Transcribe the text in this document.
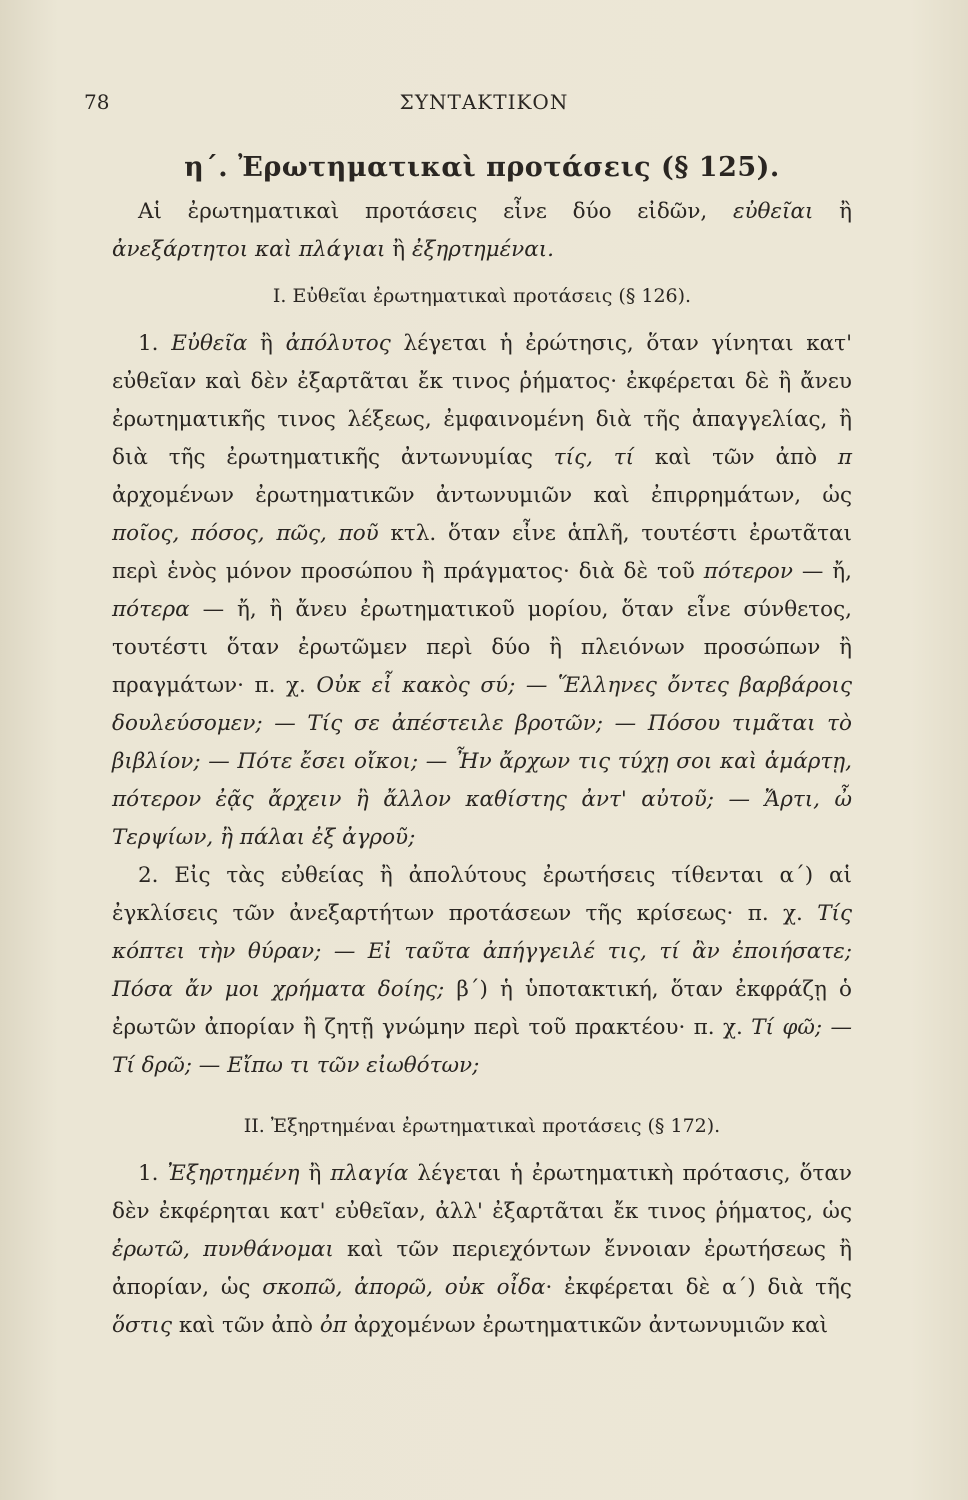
78	ΣΥΝΤΑΚΤΙΚΟΝ
η΄. Ἐρωτηματικαὶ προτάσεις (§ 125).

Αἱ ἐρωτηματικαὶ προτάσεις εἶνε δύο εἰδῶν, εὐθεῖαι ἢ ἀνεξάρτητοι καὶ πλάγιαι ἢ ἐξηρτημέναι.

I. Εὐθεῖαι ἐρωτηματικαὶ προτάσεις (§ 126).

1. Εὐθεῖα ἢ ἀπόλυτος λέγεται ἡ ἐρώτησις, ὅταν γίνηται κατ' εὐθεῖαν καὶ δὲν ἐξαρτᾶται ἔκ τινος ῥήματος· ἐκφέρεται δὲ ἢ ἄνευ ἐρωτηματικῆς τινος λέξεως, ἐμφαινομένη διὰ τῆς ἀπαγγελίας, ἢ διὰ τῆς ἐρωτηματικῆς ἀντωνυμίας τίς, τί καὶ τῶν ἀπὸ π ἀρχομένων ἐρωτηματικῶν ἀντωνυμιῶν καὶ ἐπιρρημάτων, ὡς ποῖος, πόσος, πῶς, ποῦ κτλ. ὅταν εἶνε ἁπλῆ, τουτέστι ἐρωτᾶται περὶ ἑνὸς μόνον προσώπου ἢ πράγματος· διὰ δὲ τοῦ πότερον — ἤ, πότερα — ἤ, ἢ ἄνευ ἐρωτηματικοῦ μορίου, ὅταν εἶνε σύνθετος, τουτέστι ὅταν ἐρωτῶμεν περὶ δύο ἢ πλειόνων προσώπων ἢ πραγμάτων· π. χ. Οὐκ εἶ κακὸς σύ; — Ἕλληνες ὄντες βαρβάροις δουλεύσομεν; — Τίς σε ἀπέστειλε βροτῶν; — Πόσου τιμᾶται τὸ βιβλίον; — Πότε ἔσει οἴκοι; — Ἦν ἄρχων τις τύχῃ σοι καὶ ἁμάρτῃ, πότερον ἐᾷς ἄρχειν ἢ ἄλλον καθίστης ἀντ' αὐτοῦ; — Ἄρτι, ὦ Τερψίων, ἢ πάλαι ἐξ ἀγροῦ;

2. Εἰς τὰς εὐθείας ἢ ἀπολύτους ἐρωτήσεις τίθενται α΄) αἱ ἐγκλίσεις τῶν ἀνεξαρτήτων προτάσεων τῆς κρίσεως· π. χ. Τίς κόπτει τὴν θύραν; — Εἰ ταῦτα ἀπήγγειλέ τις, τί ἂν ἐποιήσατε; Πόσα ἄν μοι χρήματα δοίης; β΄) ἡ ὑποτακτική, ὅταν ἐκφράζῃ ὁ ἐρωτῶν ἀπορίαν ἢ ζητῇ γνώμην περὶ τοῦ πρακτέου· π. χ. Τί φῶ; — Τί δρῶ; — Εἴπω τι τῶν εἰωθότων;

II. Ἐξηρτημέναι ἐρωτηματικαὶ προτάσεις (§ 172).

1. Ἐξηρτημένη ἢ πλαγία λέγεται ἡ ἐρωτηματικὴ πρότασις, ὅταν δὲν ἐκφέρηται κατ' εὐθεῖαν, ἀλλ' ἐξαρτᾶται ἔκ τινος ῥήματος, ὡς ἐρωτῶ, πυνθάνομαι καὶ τῶν περιεχόντων ἔννοιαν ἐρωτήσεως ἢ ἀπορίαν, ὡς σκοπῶ, ἀπορῶ, οὐκ οἶδα· ἐκφέρεται δὲ α΄) διὰ τῆς ὅστις καὶ τῶν ἀπὸ ὀπ ἀρχομένων ἐρωτηματικῶν ἀντωνυμιῶν καὶ
